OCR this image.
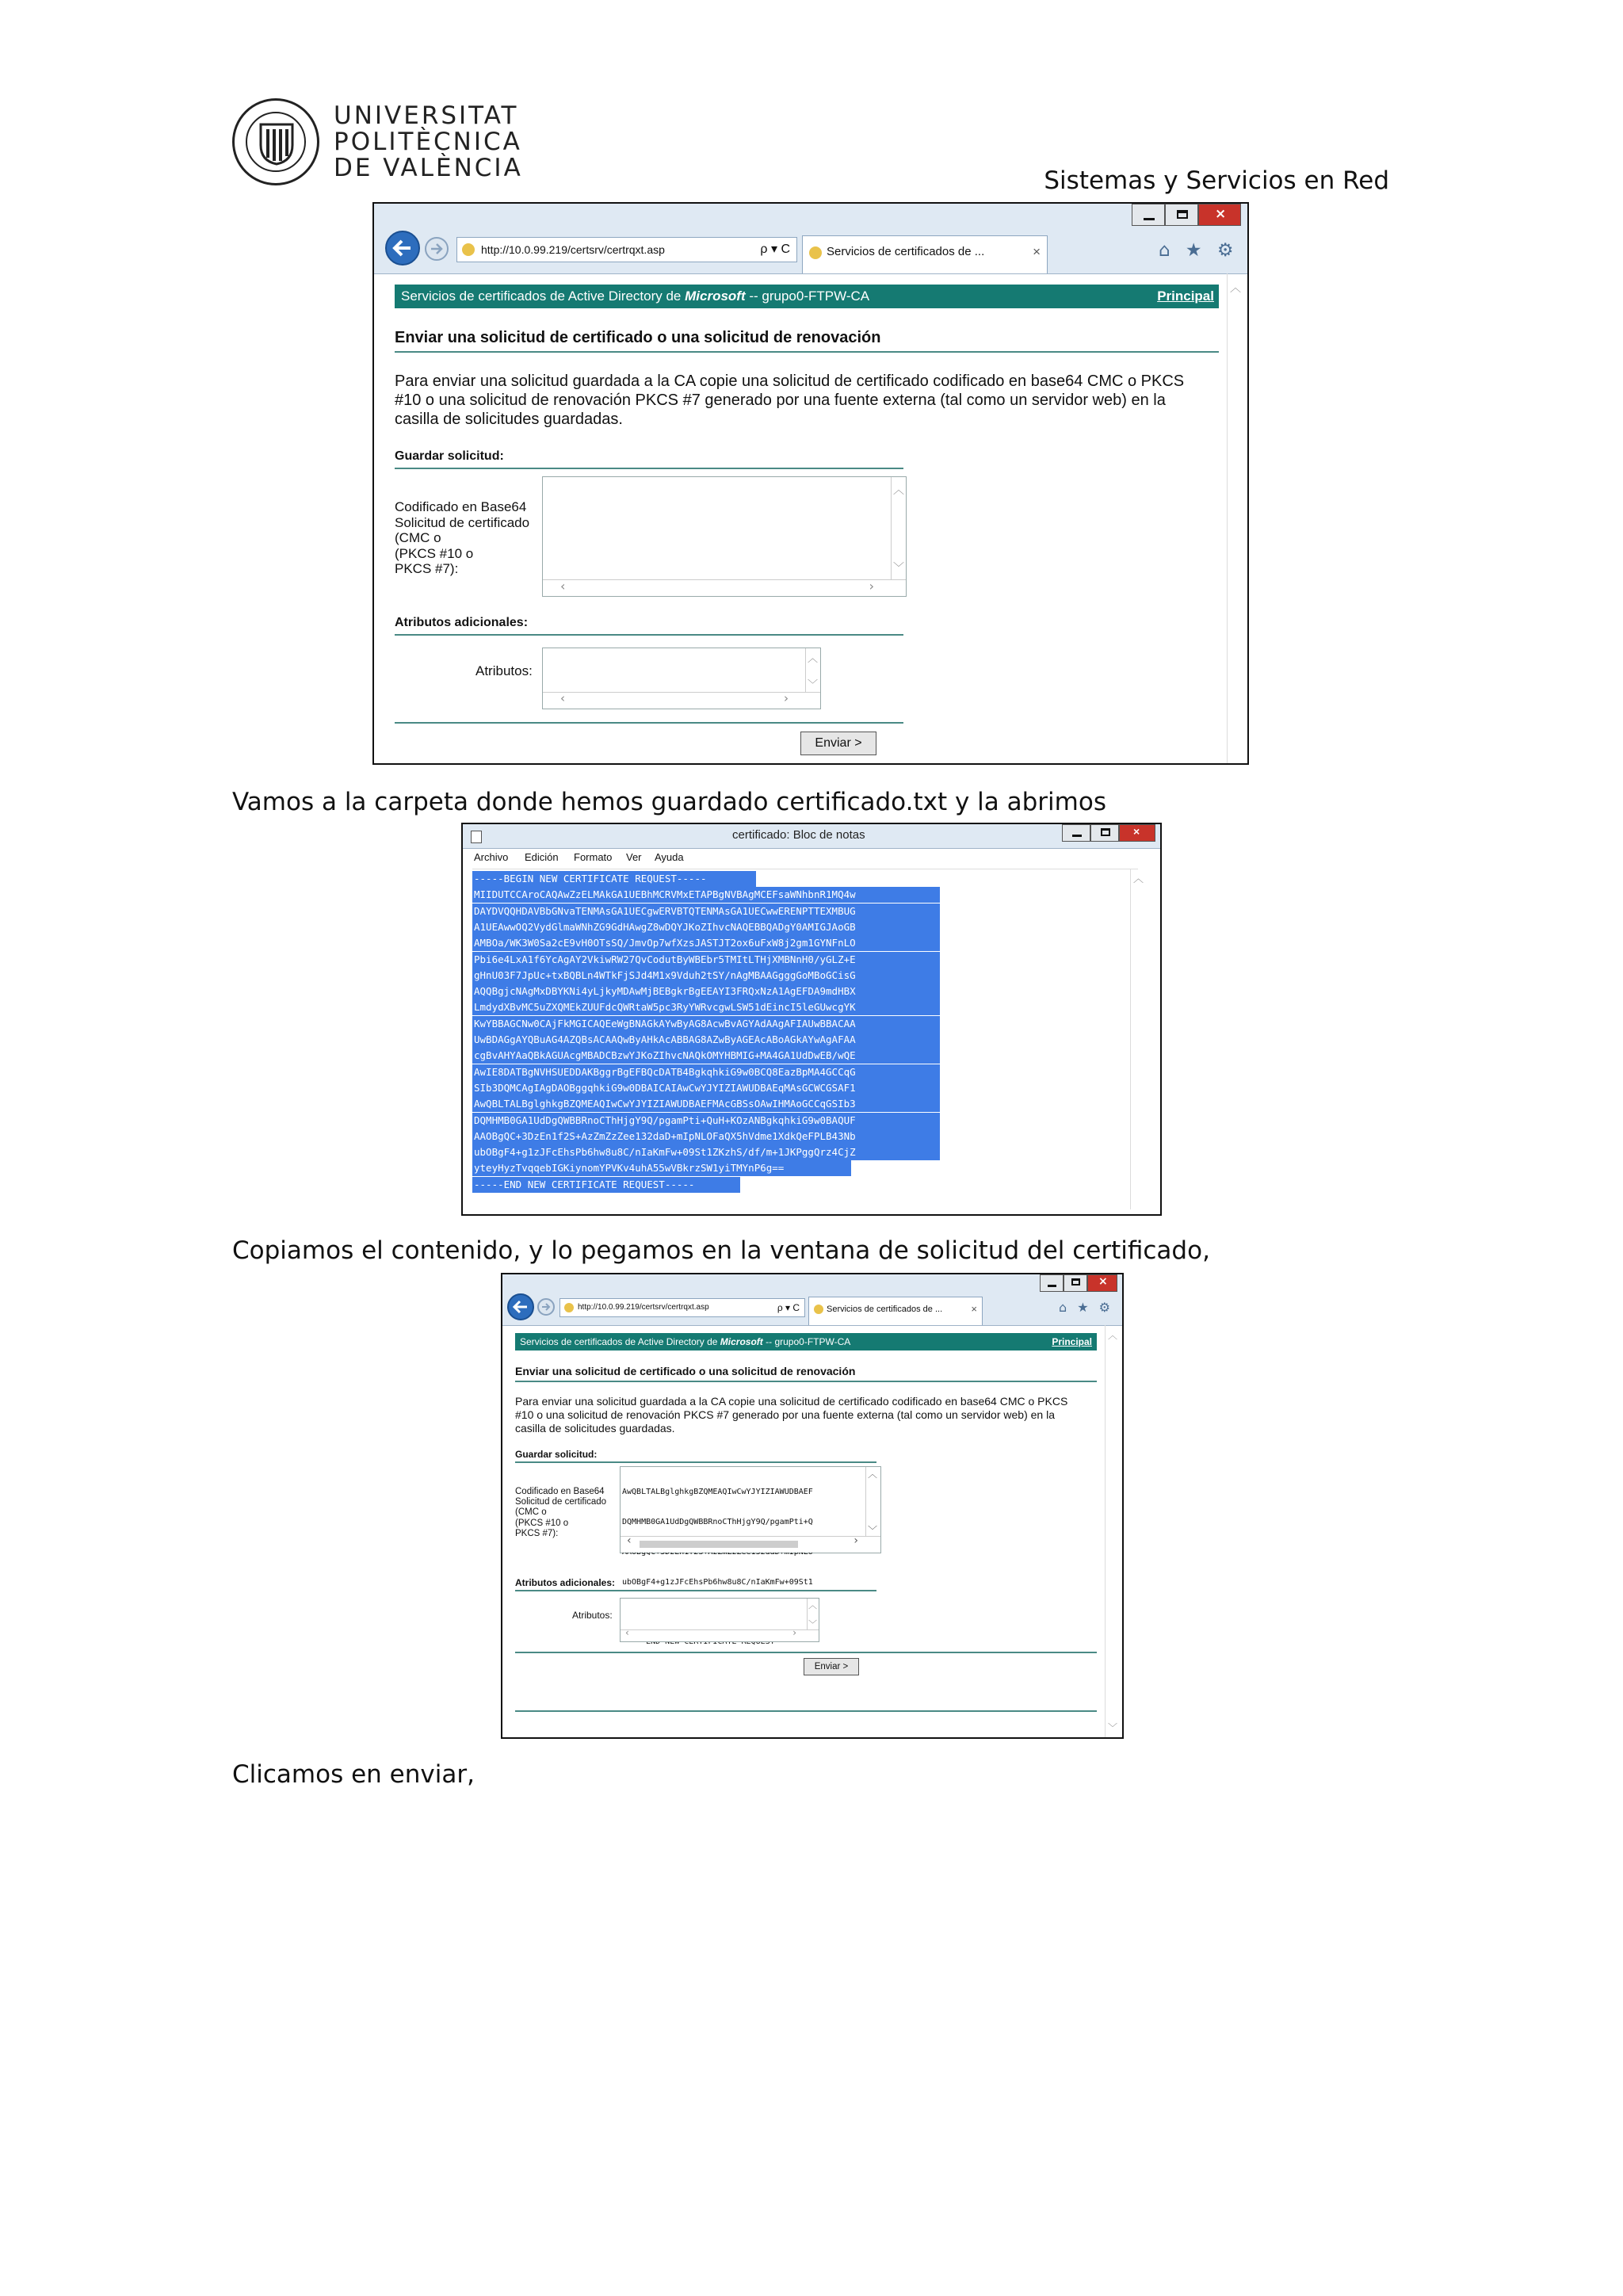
UNIVERSITAT
POLITÈCNICA
DE VALÈNCIA	Sistemas y Servicios en Red
×
http://10.0.99.219/certsrv/certrqxt.asp	ρ ▾ C	Servicios de certificados de ...	×	⌂ ★ ⚙
︿
Servicios de certificados de Active Directory de Microsoft -- grupo0-FTPW-CA	Principal
Enviar una solicitud de certificado o una solicitud de renovación
Para enviar una solicitud guardada a la CA copie una solicitud de certificado codificado en base64 CMC o PKCS #10 o una solicitud de renovación PKCS #7 generado por una fuente externa (tal como un servidor web) en la casilla de solicitudes guardadas.
Guardar solicitud:
Codificado en Base64
Solicitud de certificado
(CMC o
(PKCS #10 o
PKCS #7):
︿
﹀
‹	›
Atributos adicionales:
Atributos:
︿
﹀
‹	›
Enviar >
Vamos a la carpeta donde hemos guardado certificado.txt y la abrimos
certificado: Bloc de notas	×
Archivo Edición Formato Ver Ayuda
-----BEGIN NEW CERTIFICATE REQUEST-----
MIIDUTCCAroCAQAwZzELMAkGA1UEBhMCRVMxETAPBgNVBAgMCEFsaWNhbnR1MQ4w
DAYDVQQHDAVBbGNvaTENMAsGA1UECgwERVBTQTENMAsGA1UECwwERENPTTEXMBUG
A1UEAwwOQ2VydGlmaWNhZG9GdHAwgZ8wDQYJKoZIhvcNAQEBBQADgY0AMIGJAoGB
AMBOa/WK3W0Sa2cE9vH0OTsSQ/JmvOp7wfXzsJASTJT2ox6uFxW8j2gm1GYNFnLO
Pbi6e4LxA1f6YcAgAY2VkiwRW27QvCodutByWBEbr5TMItLTHjXMBNnH0/yGLZ+E
gHnU03F7JpUc+txBQBLn4WTkFjSJd4M1x9Vduh2tSY/nAgMBAAGgggGoMBoGCisG
AQQBgjcNAgMxDBYKNi4yLjkyMDAwMjBEBgkrBgEEAYI3FRQxNzA1AgEFDA9mdHBX
LmdydXBvMC5uZXQMEkZUUFdcQWRtaW5pc3RyYWRvcgwLSW51dEincI5leGUwcgYK
KwYBBAGCNw0CAjFkMGICAQEeWgBNAGkAYwByAG8AcwBvAGYAdAAgAFIAUwBBACAA
UwBDAGgAYQBuAG4AZQBsACAAQwByAHkAcABBAG8AZwByAGEAcABoAGkAYwAgAFAA
cgBvAHYAaQBkAGUAcgMBADCBzwYJKoZIhvcNAQkOMYHBMIG+MA4GA1UdDwEB/wQE
AwIE8DATBgNVHSUEDDAKBggrBgEFBQcDATB4BgkqhkiG9w0BCQ8EazBpMA4GCCqG
SIb3DQMCAgIAgDAOBggqhkiG9w0DBAICAIAwCwYJYIZIAWUDBAEqMAsGCWCGSAF1
AwQBLTALBglghkgBZQMEAQIwCwYJYIZIAWUDBAEFMAcGBSsOAwIHMAoGCCqGSIb3
DQMHMB0GA1UdDgQWBBRnoCThHjgY9Q/pgamPti+QuH+KOzANBgkqhkiG9w0BAQUF
AAOBgQC+3DzEn1f2S+AzZmZzZee132daD+mIpNLOFaQX5hVdme1XdkQeFPLB43Nb
ubOBgF4+g1zJFcEhsPb6hw8u8C/nIaKmFw+09St1ZKzhS/df/m+1JKPggQrz4CjZ
yteyHyzTvqqebIGKiynomYPVKv4uhA55wVBkrzSW1yiTMYnP6g==
-----END NEW CERTIFICATE REQUEST-----
︿
Copiamos el contenido, y lo pegamos en la ventana de solicitud del certificado,
×
http://10.0.99.219/certsrv/certrqxt.asp	ρ ▾ C	Servicios de certificados de ...	×	⌂ ★ ⚙
︿
﹀
Servicios de certificados de Active Directory de Microsoft -- grupo0-FTPW-CA	Principal
Enviar una solicitud de certificado o una solicitud de renovación
Para enviar una solicitud guardada a la CA copie una solicitud de certificado codificado en base64 CMC o PKCS #10 o una solicitud de renovación PKCS #7 generado por una fuente externa (tal como un servidor web) en la casilla de solicitudes guardadas.
Guardar solicitud:
Codificado en Base64
Solicitud de certificado
(CMC o
(PKCS #10 o
PKCS #7):

AwQBLTALBglghkgBZQMEAQIwCwYJYIZIAWUDBAEF

DQMHMB0GA1UdDgQWBBRnoCThHjgY9Q/pgamPti+Q

ubOBgF4+g1zJFcEhsPb6hw8u8C/nIaKmFw+09St1

︿
﹀
‹	›
Atributos adicionales:
Atributos:
︿
﹀
‹	›
Enviar >
Clicamos en enviar,
